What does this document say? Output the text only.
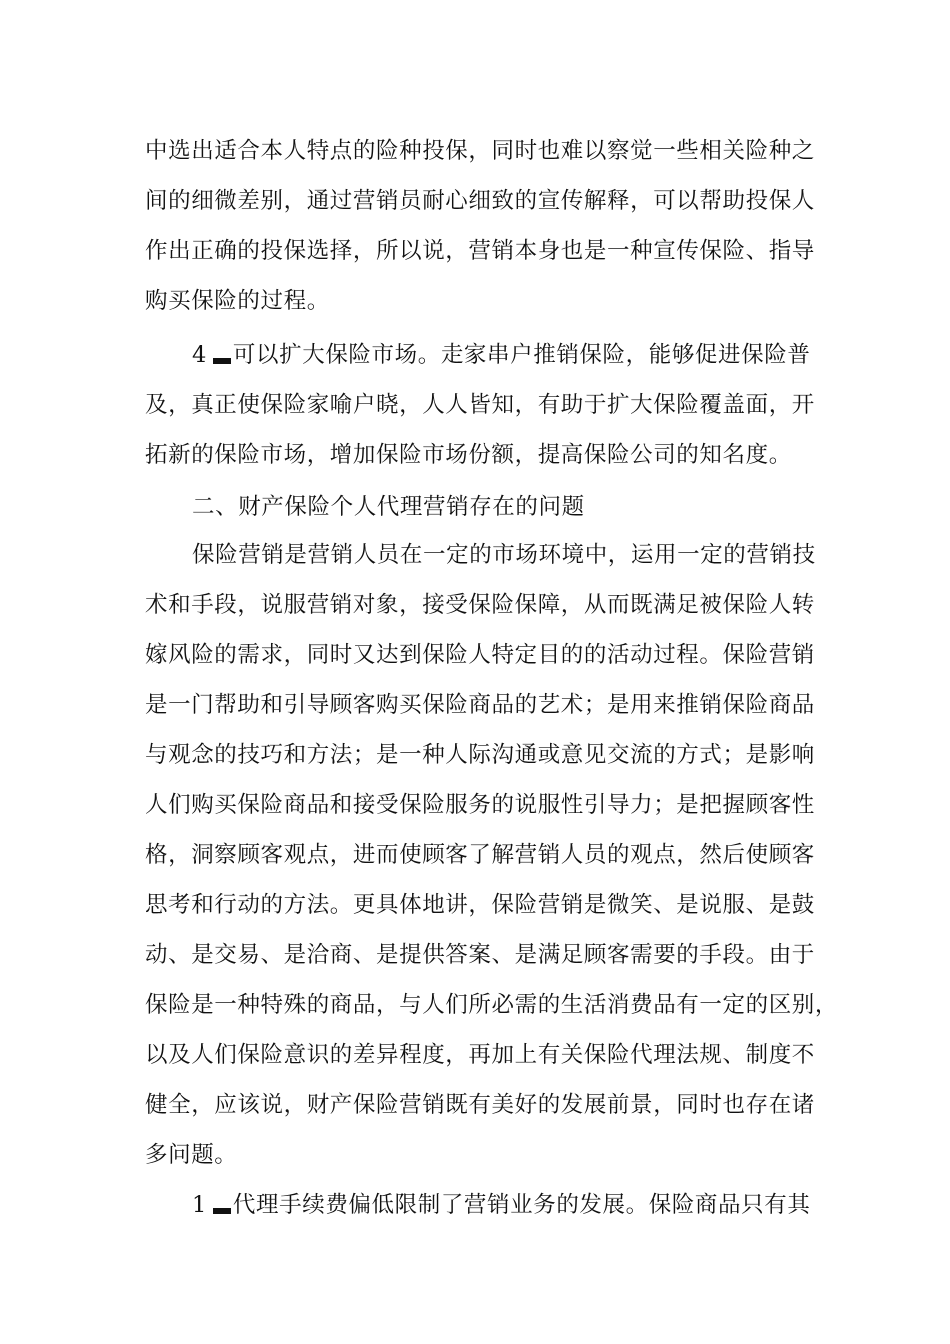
中选出适合本人特点的险种投保，同时也难以察觉一些相关险种之
间的细微差别，通过营销员耐心细致的宣传解释，可以帮助投保人
作出正确的投保选择，所以说，营销本身也是一种宣传保险、指导
购买保险的过程。
4 可以扩大保险市场。走家串户推销保险，能够促进保险普
及，真正使保险家喻户晓，人人皆知，有助于扩大保险覆盖面，开
拓新的保险市场，增加保险市场份额，提高保险公司的知名度。
二、财产保险个人代理营销存在的问题
保险营销是营销人员在一定的市场环境中，运用一定的营销技
术和手段，说服营销对象，接受保险保障，从而既满足被保险人转
嫁风险的需求，同时又达到保险人特定目的的活动过程。保险营销
是一门帮助和引导顾客购买保险商品的艺术；是用来推销保险商品
与观念的技巧和方法；是一种人际沟通或意见交流的方式；是影响
人们购买保险商品和接受保险服务的说服性引导力；是把握顾客性
格，洞察顾客观点，进而使顾客了解营销人员的观点，然后使顾客
思考和行动的方法。更具体地讲，保险营销是微笑、是说服、是鼓
动、是交易、是洽商、是提供答案、是满足顾客需要的手段。由于
保险是一种特殊的商品，与人们所必需的生活消费品有一定的区别，
以及人们保险意识的差异程度，再加上有关保险代理法规、制度不
健全，应该说，财产保险营销既有美好的发展前景，同时也存在诸
多问题。
1 代理手续费偏低限制了营销业务的发展。保险商品只有其
